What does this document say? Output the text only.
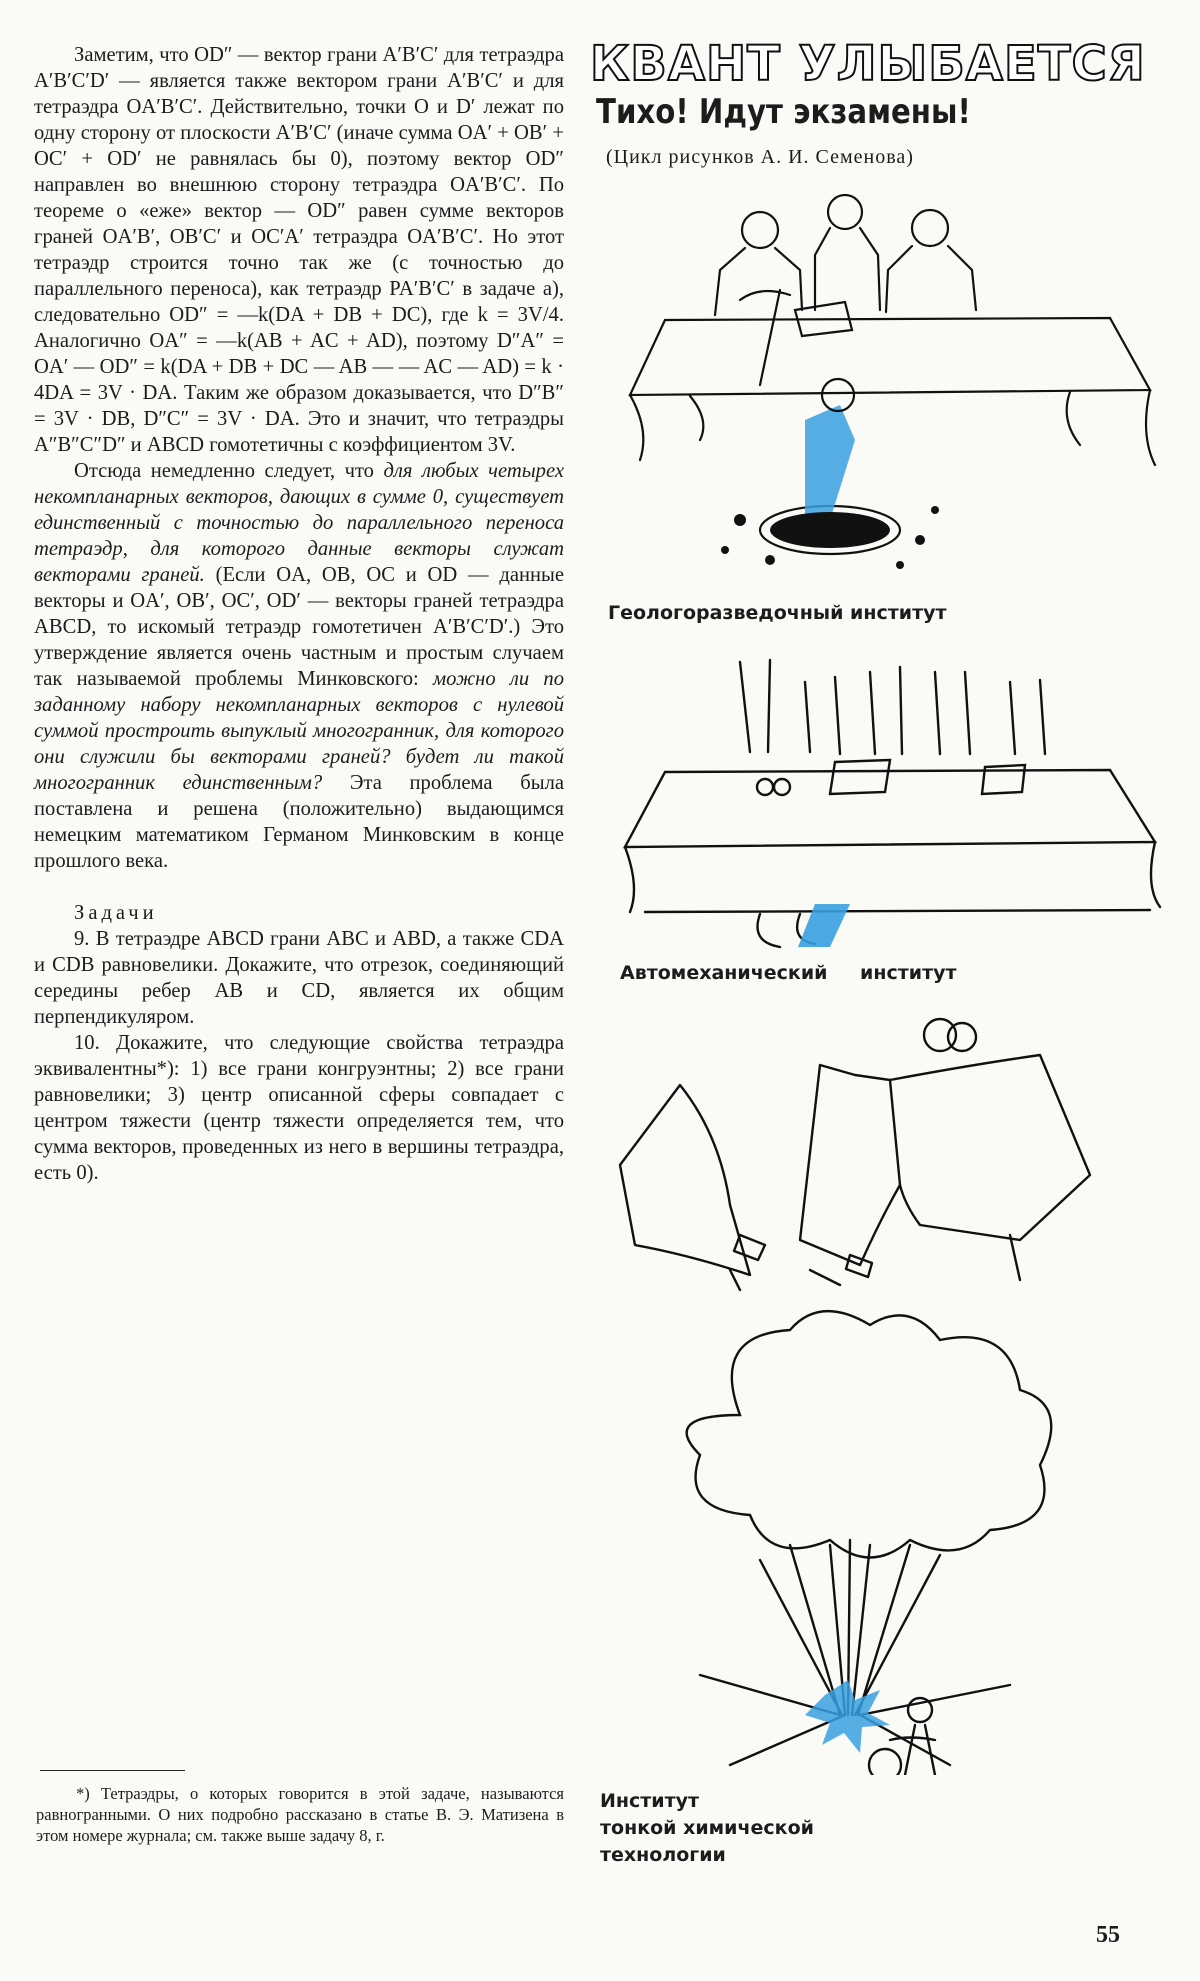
Заметим, что OD″ — вектор грани A′B′C′ для тетраэдра A′B′C′D′ — является также вектором грани A′B′C′ и для тетраэдра OA′B′C′. Действительно, точки O и D′ лежат по одну сторону от плоскости A′B′C′ (иначе сумма OA′ + OB′ + OC′ + OD′ не равнялась бы 0), поэтому вектор OD″ направлен во внешнюю сторону тетраэдра OA′B′C′. По теореме о «еже» вектор — OD″ равен сумме векторов граней OA′B′, OB′C′ и OC′A′ тетраэдра OA′B′C′. Но этот тетраэдр строится точно так же (с точностью до параллельного переноса), как тетраэдр PA′B′C′ в задаче а), следовательно OD″ = —k(DA + DB + DC), где k = 3V/4. Аналогично OA″ = —k(AB + AC + AD), поэтому D″A″ = OA′ — OD″ = k(DA + DB + DC — AB — — AC — AD) = k · 4DA = 3V · DA. Таким же образом доказывается, что D″B″ = 3V · DB, D″C″ = 3V · DA. Это и значит, что тетраэдры A″B″C″D″ и ABCD гомотетичны с коэффициентом 3V.

Отсюда немедленно следует, что для любых четырех некомпланарных векторов, дающих в сумме 0, существует единственный с точностью до параллельного переноса тетраэдр, для которого данные векторы служат векторами граней. (Если OA, OB, OC и OD — данные векторы и OA′, OB′, OC′, OD′ — векторы граней тетраэдра ABCD, то искомый тетраэдр гомотетичен A′B′C′D′.) Это утверждение является очень частным и простым случаем так называемой проблемы Минковского: можно ли по заданному набору некомпланарных векторов с нулевой суммой простроить выпуклый многогранник, для которого они служили бы векторами граней? будет ли такой многогранник единственным? Эта проблема была поставлена и решена (положительно) выдающимся немецким математиком Германом Минковским в конце прошлого века.

Задачи

9. В тетраэдре ABCD грани ABC и ABD, а также CDA и CDB равновелики. Докажите, что отрезок, соединяющий середины ребер AB и CD, является их общим перпендикуляром.

10. Докажите, что следующие свойства тетраэдра эквивалентны*): 1) все грани конгруэнтны; 2) все грани равновелики; 3) центр описанной сферы совпадает с центром тяжести (центр тяжести определяется тем, что сумма векторов, проведенных из него в вершины тетраэдра, есть 0).

*) Тетраэдры, о которых говорится в этой задаче, называются равногранными. О них подробно рассказано в статье В. Э. Матизена в этом номере журнала; см. также выше задачу 8, г.

КВАНТ УЛЫБАЕТСЯ
Тихо! Идут экзамены!
(Цикл рисунков А. И. Семенова)
Геологоразведочный институт
Автомеханический институт
Институт
тонкой химической
технологии
55
